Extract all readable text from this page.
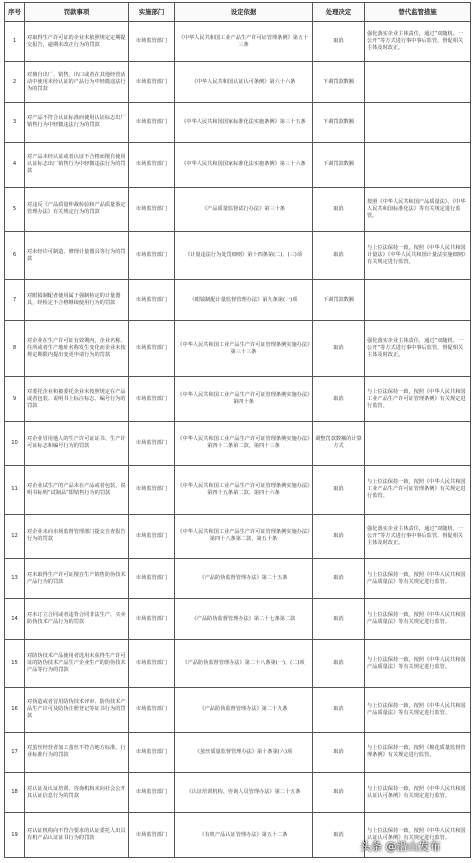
序号	罚款事项	实施部门	设定依据	处理决定	替代监管措施
1	对取得生产许可证的企业未依照规定定期提交报告，逾期未改正行为的罚款	市场监管部门	《中华人民共和国工业产品生产许可证管理条例》第五十三条	取消	强化落实企业主体责任，通过“双随机、一公开”等方式进行事中事后监管，督促相关主体及时改正。
2	对擅自出厂、销售、出口或者在其他经营活动中使用未经认证的产品行为中轻微违法行为的罚款	市场监管部门	《中华人民共和国认证认可条例》第六十六条	下调罚款数额	
3	对产品不符合认证标准而使用认证标志出厂销售行为中轻微违法行为的罚款	市场监管部门	《中华人民共和国国家标准化法实施条例》第三十五条	下调罚款数额	
4	对产品未经认证或者认证不合格而擅自使用认证标志出厂销售行为中轻微违法行为的罚款	市场监管部门	《中华人民共和国国家标准化法实施条例》第三十六条	下调罚款数额	
5	对违反《产品质量仲裁检验和产品质量鉴定管理办法》有关规定行为的罚款	市场监管部门	《产品质量监督试行办法》第三十条	取消	按照《中华人民共和国产品质量法》、《中华人民共和国标准化法》等有关规定进行监管。
6	对未经许可制造、修理计量器具等行为的罚款	市场监管部门	《计量违法行为处罚细则》第十四条第(二)、(三)项	取消	与上位法保持一致，按照《中华人民共和国计量法》《中华人民共和国计量法实施细则》有关规定进行监管。
7	对眼镜制配者使用属于强制检定的计量器具，经检定不合格继续使用行为的罚款	市场监管部门	《眼镜制配计量监督管理办法》第九条第(一)项	下调罚款数额	
8	对企业在生产许可证有效期内，企业名称、住所或者生产地址名称发生变化而企业未按规定期限内提出变更申请行为的罚款	市场监管部门	《中华人民共和国工业产品生产许可证管理条例实施办法》第三十三条	取消	强化落实企业主体责任，通过“双随机、一公开”等方式进行事中事后监管，督促相关主体及时改正。
9	对委托企业和被委托企业未按照规定在产品或者包装、说明书上标注标志、编号行为的罚款	市场监管部门	《中华人民共和国工业产品生产许可证管理条例实施办法》第四十条	取消	与上位法保持一致，按照《中华人民共和国工业产品生产许可证管理条例》有关规定进行监管。
10	对企业冒用他人的生产许可证证书、生产许可证标志和编号行为的罚款	市场监管部门	《中华人民共和国工业产品生产许可证管理条例实施办法》第四十二条第二款、第四十三条	调整罚款数额的计算方式	
11	对企业试生产的产品未在产品或者包装、说明书标明“试制品”即销售行为的罚款	市场监管部门	《中华人民共和国工业产品生产许可证管理条例实施办法》第四十五条第二款、第四十六条	取消	与上位法保持一致，按照《中华人民共和国工业产品生产许可证管理条例》有关规定进行监管。
12	对企业未向市场监督管理部门提交自查报告行为的罚款	市场监管部门	《中华人民共和国工业产品生产许可证管理条例实施办法》第四十八条第二款、第五十条	取消	强化落实企业主体责任，通过“双随机、一公开”等方式进行事中事后监管，督促相关主体及时改正。
13	对未取得生产许可证擅自生产销售防伪技术产品行为的罚款	市场监管部门	《产品防伪监督管理办法》第二十五条	取消	与上位法保持一致，按照《中华人民共和国产品质量法》等有关规定进行监管。
14	对未订立合同或者违背合同非法生产、买卖防伪技术产品行为的罚款	市场监管部门	《产品防伪监督管理办法》第二十七条第二款	取消	与上位法保持一致，按照《中华人民共和国产品质量法》等有关规定进行监管。
15	对防伪技术产品使用者选用未获得生产许可证的防伪技术产品生产企业生产的防伪技术产品等行为的罚款	市场监管部门	《产品防伪监督管理办法》第二十八条第(一)、(二)项	取消	与上位法保持一致，按照《中华人民共和国产品质量法》等有关规定进行监管。
16	对伪造或者冒用防伪技术评审、防伪技术产品生产许可及防伪注册登记等证书行为的罚款	市场监管部门	《产品防伪监督管理办法》第二十九条	取消	与上位法保持一致，按照《中华人民共和国产品质量法》等有关规定进行监管。
17	对茧丝经营者加工茧丝不符合地方标准、行业标准行为的罚款	市场监管部门	《茧丝质量监督管理办法》第十条第(六)项	取消	与上位法保持一致，按照《棉花质量监督管理条例》有关规定进行监管。
18	对认证及认证培训、咨询机构未向社会公开其认证信息行为的罚款	市场监管部门	《认证培训机构、咨询人员管理办法》第二十五条	取消	与上位法保持一致，按照《中华人民共和国认证认可条例》有关规定进行监管。
19	对认证机构向不符合要求的认证委托人出具有机产品认证证书行为的罚款	市场监管部门	《有机产品认证管理办法》第五十二条	取消	与上位法保持一致，按照《中华人民共和国认证认可条例》有关规定进行监管。
头条 @沿山发布
